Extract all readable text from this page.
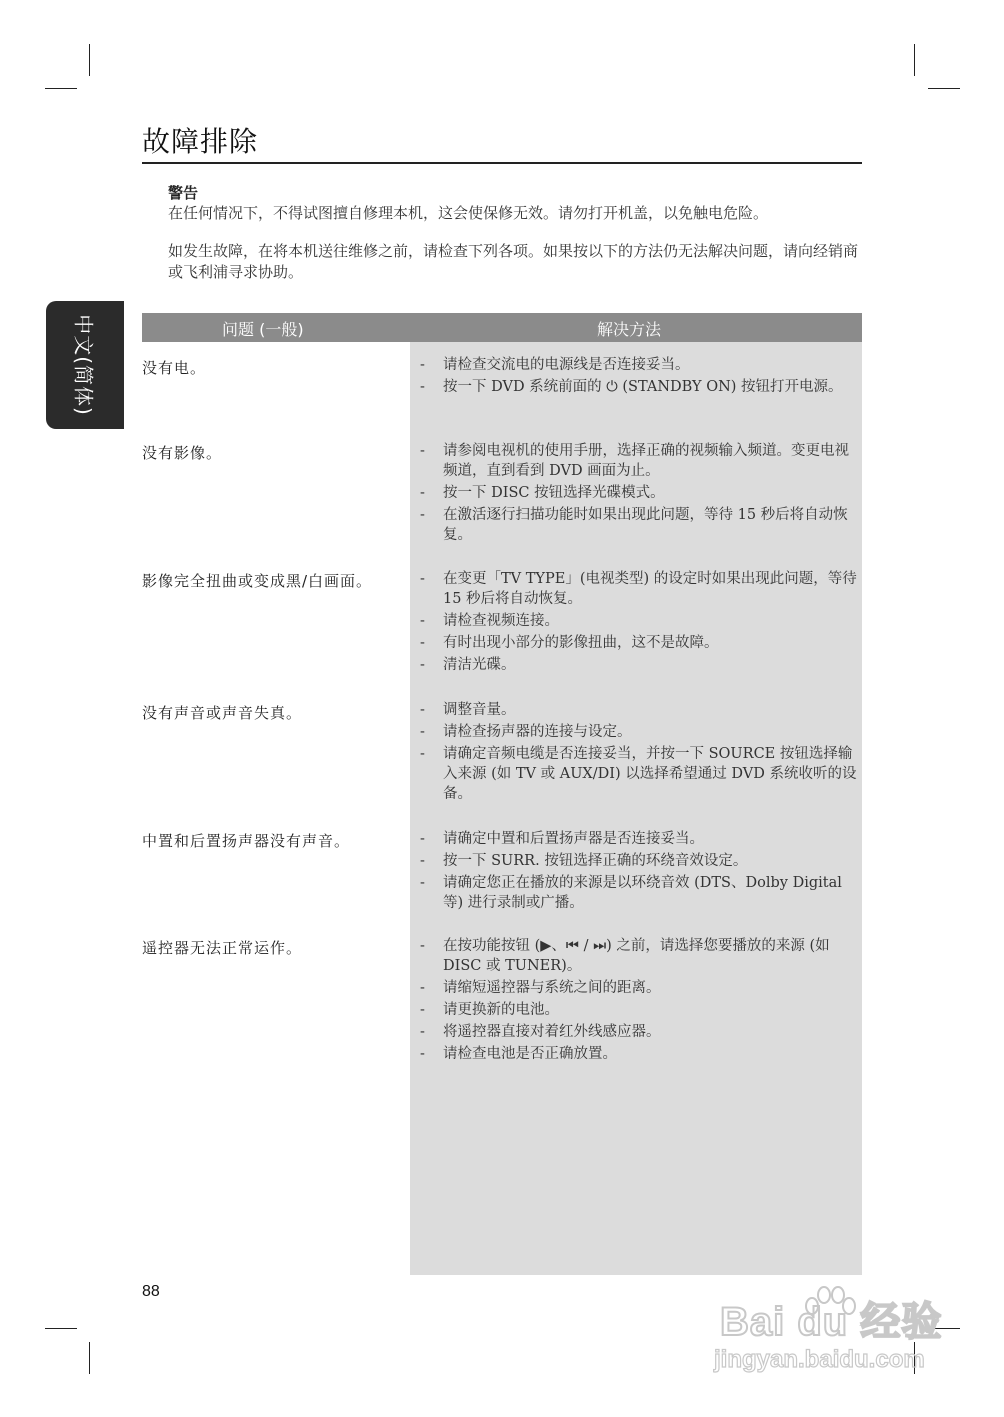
故障排除
警告
在任何情况下，不得试图擅自修理本机，这会使保修无效。请勿打开机盖，以免触电危险。
如发生故障，在将本机送往维修之前，请检查下列各项。如果按以下的方法仍无法解决问题，请向经销商或飞利浦寻求协助。
中文(简体)	问题 (一般)	解决方法
没有电。	- 请检查交流电的电源线是否连接妥当。
- 按一下 DVD 系统前面的 ⏻ (STANDBY ON) 按钮打开电源。
没有影像。	- 请参阅电视机的使用手册，选择正确的视频输入频道。变更电视频道，直到看到 DVD 画面为止。
- 按一下 DISC 按钮选择光碟模式。
- 在激活逐行扫描功能时如果出现此问题，等待 15 秒后将自动恢复。
影像完全扭曲或变成黑/白画面。	- 在变更「TV TYPE」(电视类型) 的设定时如果出现此问题，等待 15 秒后将自动恢复。
- 请检查视频连接。
- 有时出现小部分的影像扭曲，这不是故障。
- 清洁光碟。
没有声音或声音失真。	- 调整音量。
- 请检查扬声器的连接与设定。
- 请确定音频电缆是否连接妥当，并按一下 SOURCE 按钮选择输入来源 (如 TV 或 AUX/DI) 以选择希望通过 DVD 系统收听的设备。
中置和后置扬声器没有声音。	- 请确定中置和后置扬声器是否连接妥当。
- 按一下 SURR. 按钮选择正确的环绕音效设定。
- 请确定您正在播放的来源是以环绕音效 (DTS、Dolby Digital 等) 进行录制或广播。
遥控器无法正常运作。	- 在按功能按钮 (▶、⏮ / ⏭) 之前，请选择您要播放的来源 (如 DISC 或 TUNER)。
- 请缩短遥控器与系统之间的距离。
- 请更换新的电池。
- 将遥控器直接对着红外线感应器。
- 请检查电池是否正确放置。
88
Bai du 经验
jingyan.baidu.com
